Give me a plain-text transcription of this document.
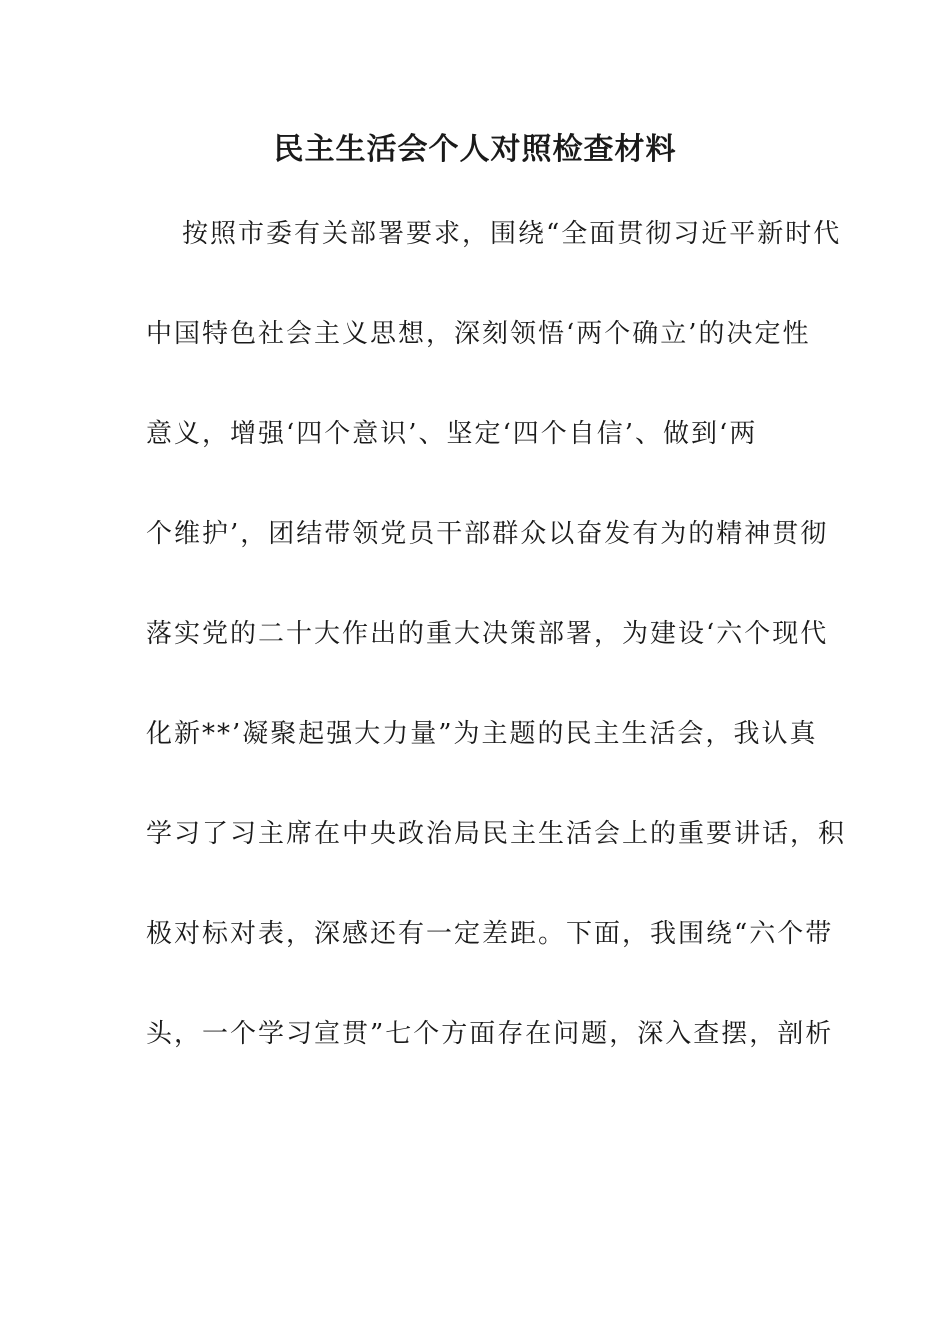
民主生活会个人对照检查材料
按照市委有关部署要求，围绕“全面贯彻习近平新时代
中国特色社会主义思想，深刻领悟‘两个确立’的决定性
意义，增强‘四个意识’、坚定‘四个自信’、做到‘两
个维护’，团结带领党员干部群众以奋发有为的精神贯彻
落实党的二十大作出的重大决策部署，为建设‘六个现代
化新**’凝聚起强大力量”为主题的民主生活会，我认真
学习了习主席在中央政治局民主生活会上的重要讲话，积
极对标对表，深感还有一定差距。下面，我围绕“六个带
头，一个学习宣贯”七个方面存在问题，深入查摆，剖析
